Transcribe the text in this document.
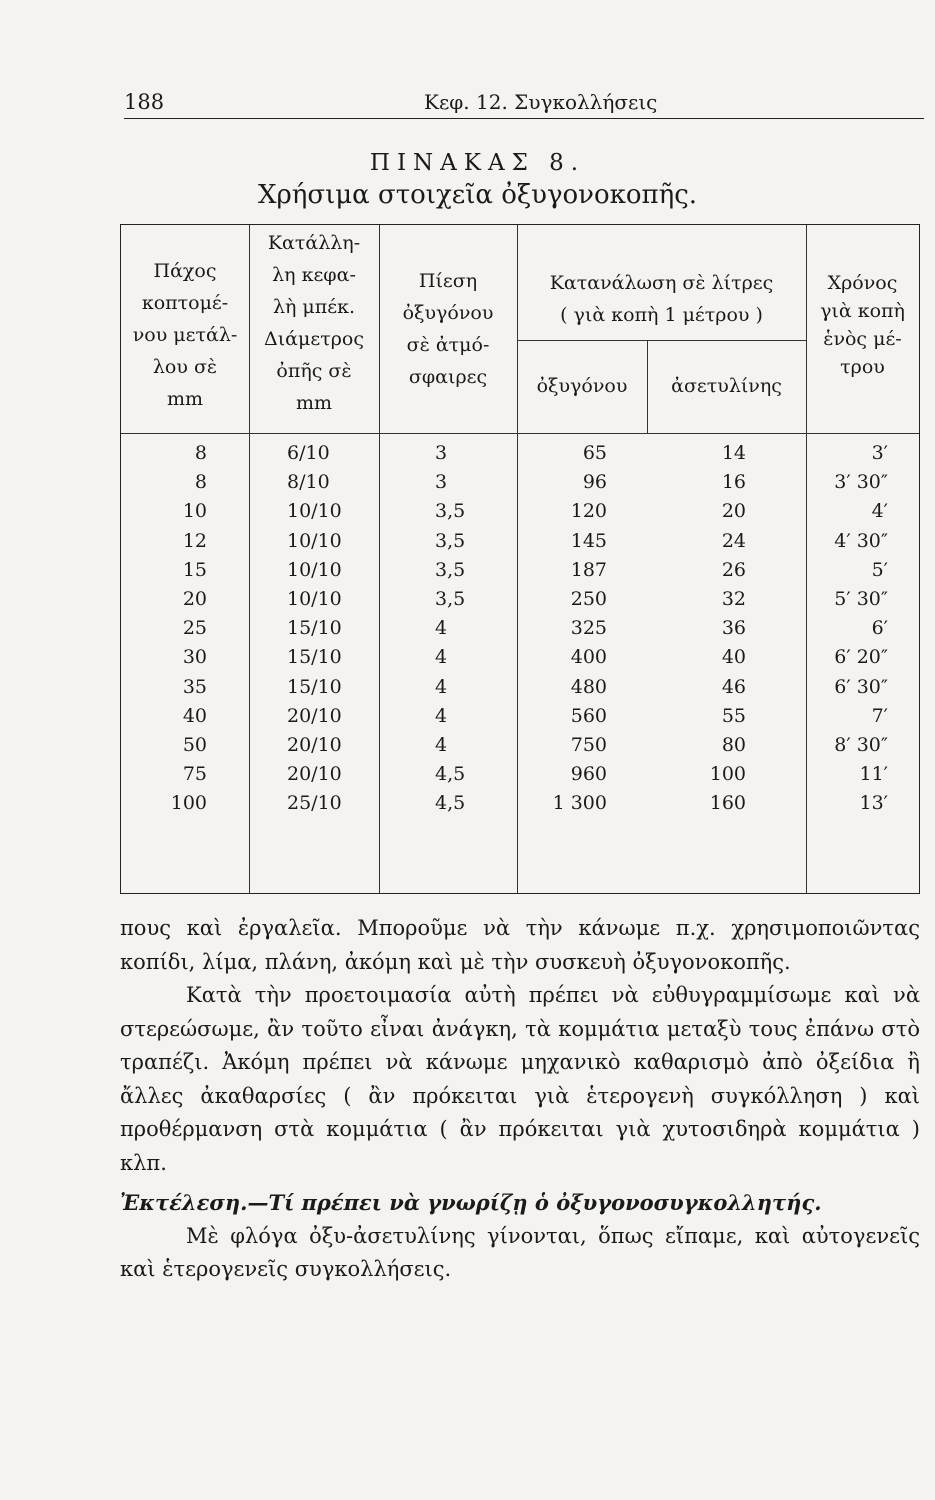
188	Κεφ. 12. Συγκολλήσεις
ΠΙΝΑΚΑΣ 8.
Χρήσιμα στοιχεῖα ὀξυγονοκοπῆς.
Πάχος
κοπτομέ-
νου μετάλ-
λου σὲ
mm
Κατάλλη-
λη κεφα-
λὴ μπέκ.
Διάμετρος
ὀπῆς σὲ
mm
Πίεση
ὀξυγόνου
σὲ ἀτμό-
σφαιρες
Κατανάλωση σὲ λίτρες
( γιὰ κοπὴ 1 μέτρου )
ὀξυγόνου	ἀσετυλίνης
Χρόνος
γιὰ κοπὴ
ἑνὸς μέ-
τρου
8
8
10
12
15
20
25
30
35
40
50
75
100
6/10
8/10
10/10
10/10
10/10
10/10
15/10
15/10
15/10
20/10
20/10
20/10
25/10
3
3
3,5
3,5
3,5
3,5
4
4
4
4
4
4,5
4,5
65
96
120
145
187
250
325
400
480
560
750
960
1 300
14
16
20
24
26
32
36
40
46
55
80
100
160
3′
3′ 30″
4′
4′ 30″
5′
5′ 30″
6′
6′ 20″
6′ 30″
7′
8′ 30″
11′
13′

πους καὶ ἐργαλεῖα. Μποροῦμε νὰ τὴν κάνωμε π.χ. χρησιμοποιῶντας κοπίδι, λίμα, πλάνη, ἀκόμη καὶ μὲ τὴν συσκευὴ ὀξυγονοκοπῆς.

Κατὰ τὴν προετοιμασία αὐτὴ πρέπει νὰ εὐθυγραμμίσωμε καὶ νὰ στερεώσωμε, ἂν τοῦτο εἶναι ἀνάγκη, τὰ κομμάτια μεταξὺ τους ἐπάνω στὸ τραπέζι. Ἀκόμη πρέπει νὰ κάνωμε μηχανικὸ καθαρισμὸ ἀπὸ ὀξείδια ἢ ἄλλες ἀκαθαρσίες ( ἂν πρόκειται γιὰ ἑτερογενὴ συγκόλληση ) καὶ προθέρμανση στὰ κομμάτια ( ἂν πρόκειται γιὰ χυτοσιδηρὰ κομμάτια ) κλπ.

Ἐκτέλεση.—Τί πρέπει νὰ γνωρίζῃ ὁ ὀξυγονοσυγκολλητής.

Μὲ φλόγα ὀξυ-ἀσετυλίνης γίνονται, ὅπως εἴπαμε, καὶ αὐτογενεῖς καὶ ἑτερογενεῖς συγκολλήσεις.
